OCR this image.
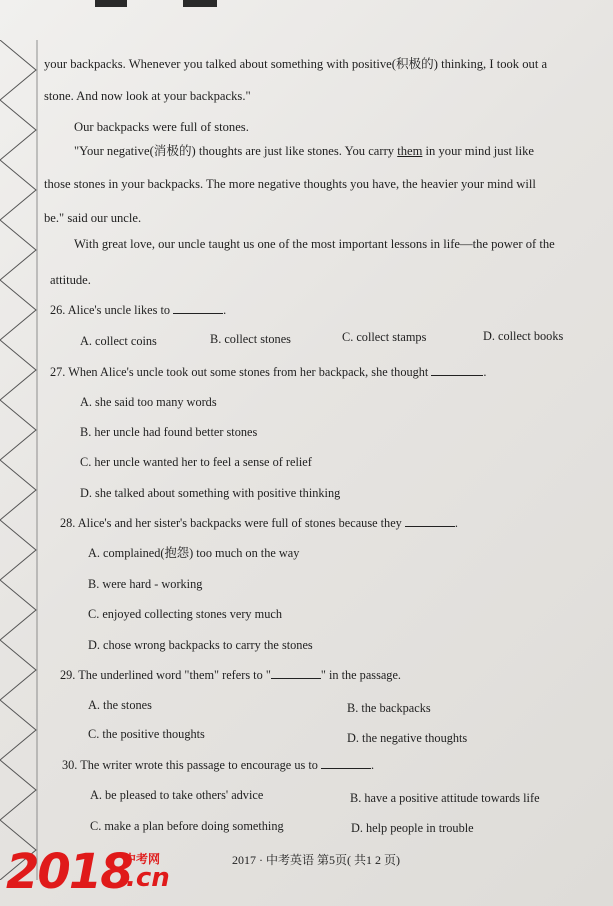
your backpacks. Whenever you talked about something with positive(积极的) thinking, I took out a
stone. And now look at your backpacks."
Our backpacks were full of stones.
"Your negative(消极的) thoughts are just like stones. You carry them in your mind just like
those stones in your backpacks. The more negative thoughts you have, the heavier your mind will
be." said our uncle.
With great love, our uncle taught us one of the most important lessons in life—the power of the
attitude.
26. Alice's uncle likes to	.
A. collect coins	B. collect stones	C. collect stamps	D. collect books
27. When Alice's uncle took out some stones from her backpack, she thought	.
A. she said too many words
B. her uncle had found better stones
C. her uncle wanted her to feel a sense of relief
D. she talked about something with positive thinking
28. Alice's and her sister's backpacks were full of stones because they	.
A. complained(抱怨) too much on the way
B. were hard - working
C. enjoyed collecting stones very much
D. chose wrong backpacks to carry the stones
29. The underlined word "them" refers to "	" in the passage.
A. the stones	B. the backpacks
C. the positive thoughts	D. the negative thoughts
30. The writer wrote this passage to encourage us to	.
A. be pleased to take others' advice	B. have a positive attitude towards life
C. make a plan before doing something	D. help people in trouble
2017 · 中考英语 第5页( 共1 2 页)
2018
中考网
.cn
